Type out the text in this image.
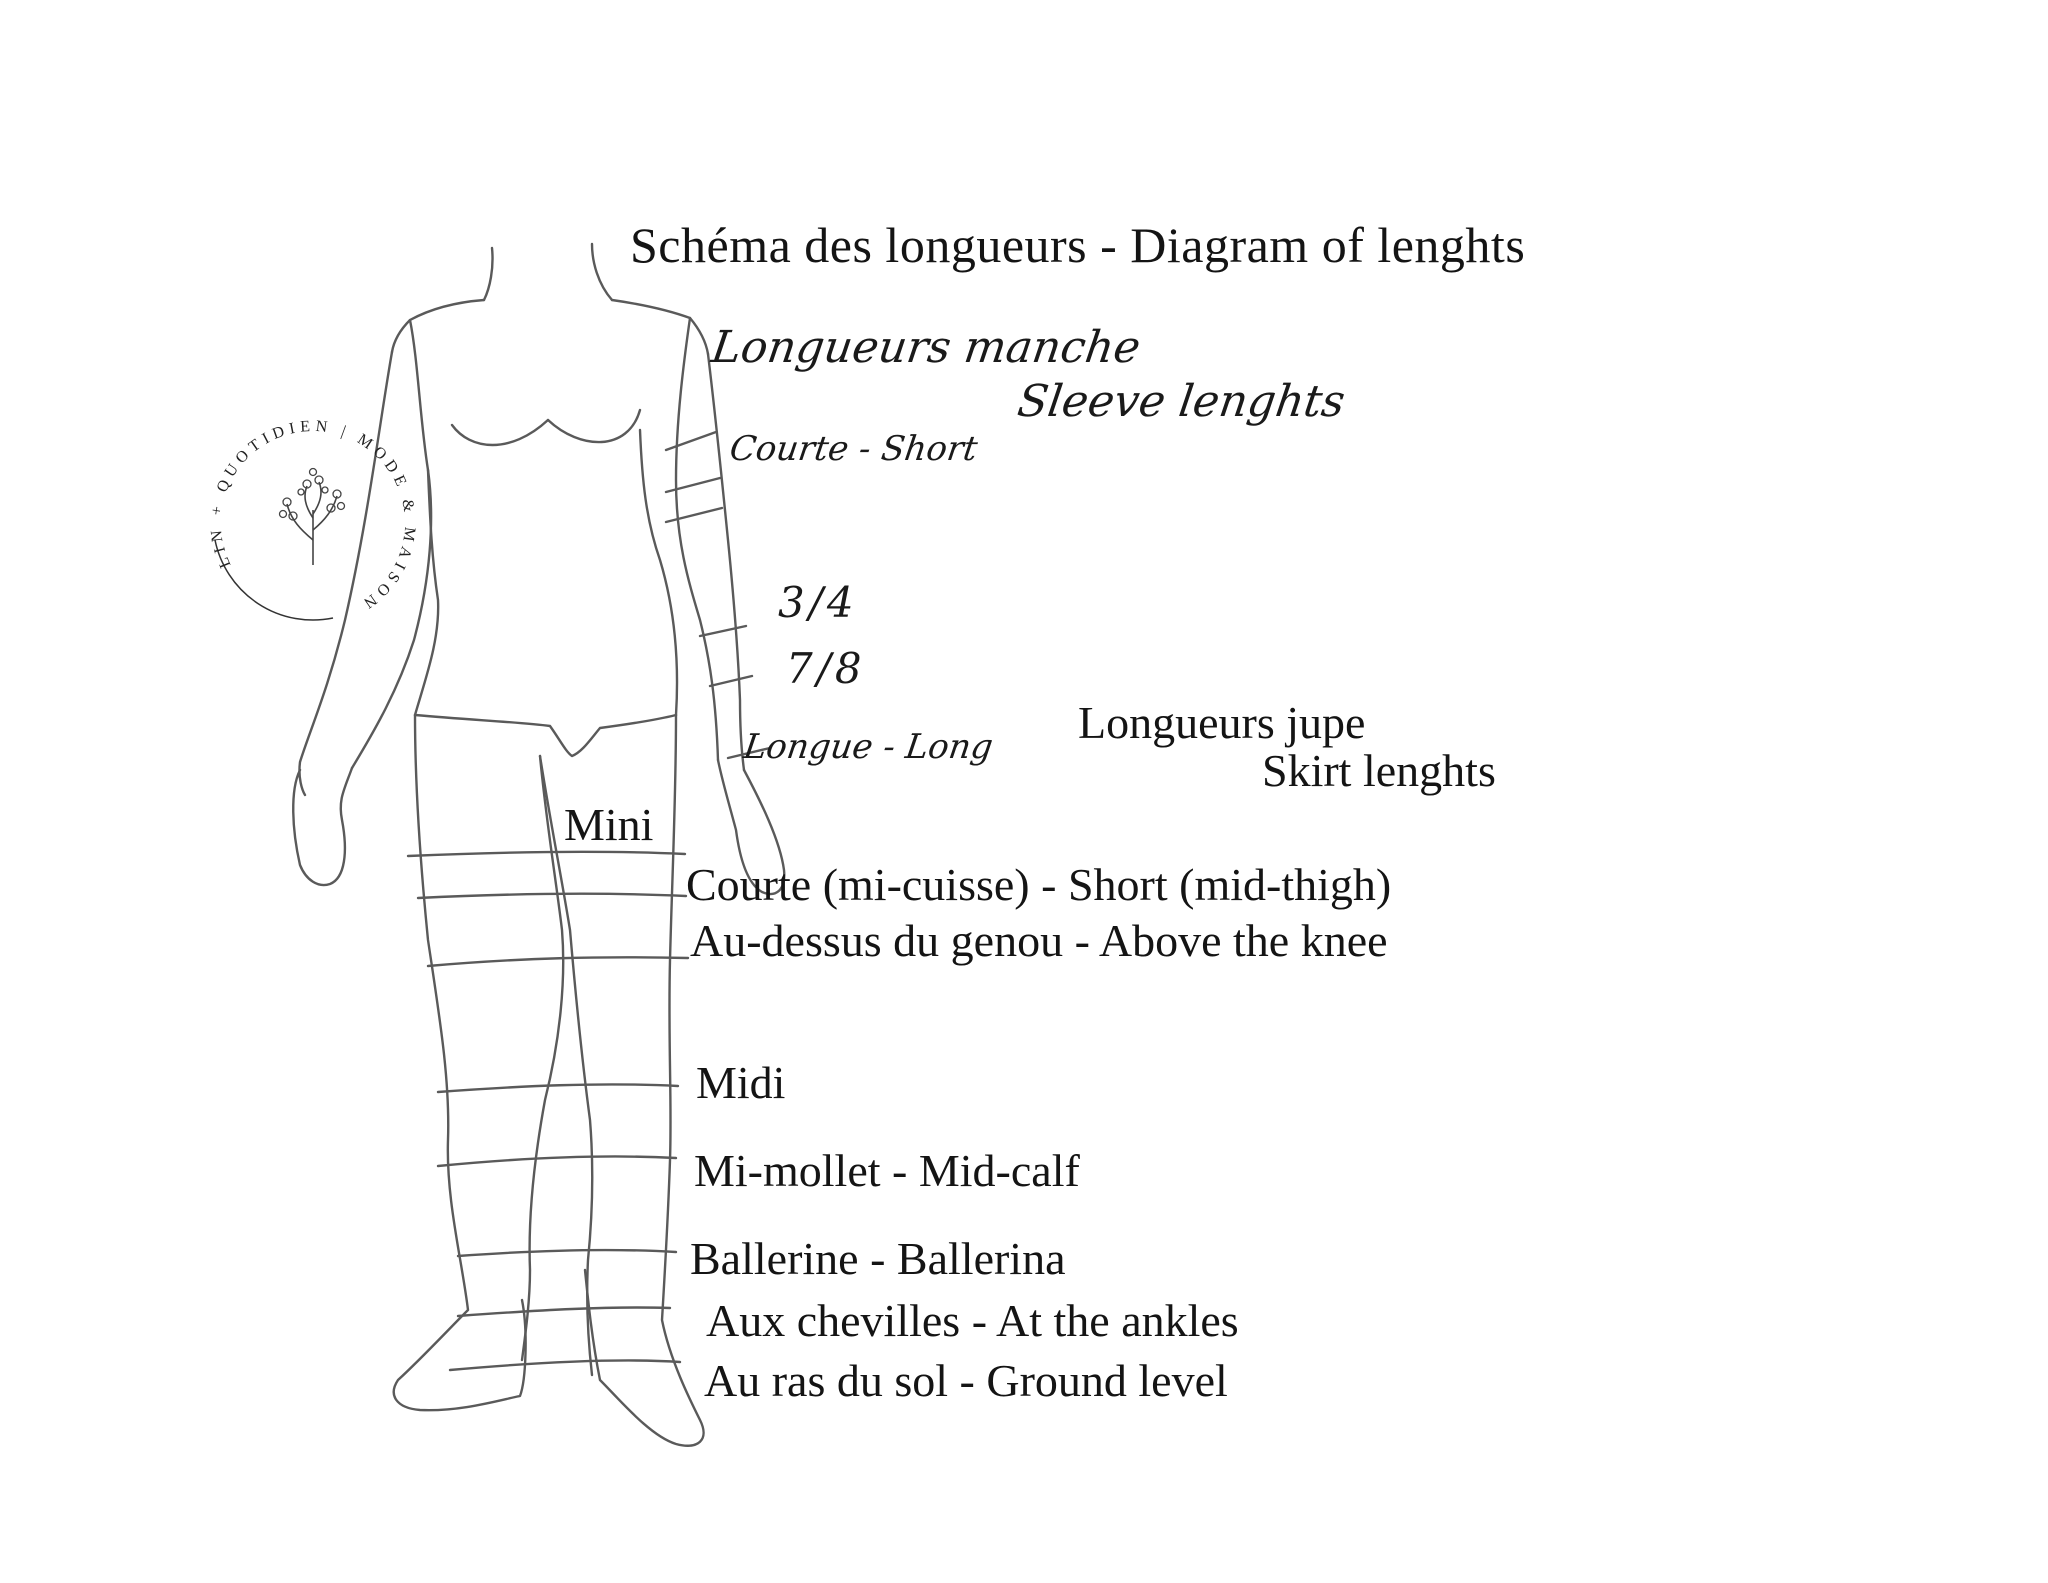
LIN + QUOTIDIEN | MODE & MAISON
Schéma des longueurs - Diagram of lenghts
Longueurs manche
Sleeve lenghts
Courte - Short
3/4
7/8
Longue - Long Longueurs jupe
Skirt lenghts
Mini
Courte (mi-cuisse) - Short (mid-thigh)
Au-dessus du genou - Above the knee
Midi
Mi-mollet - Mid-calf
Ballerine - Ballerina
Aux chevilles - At the ankles
Au ras du sol - Ground level
